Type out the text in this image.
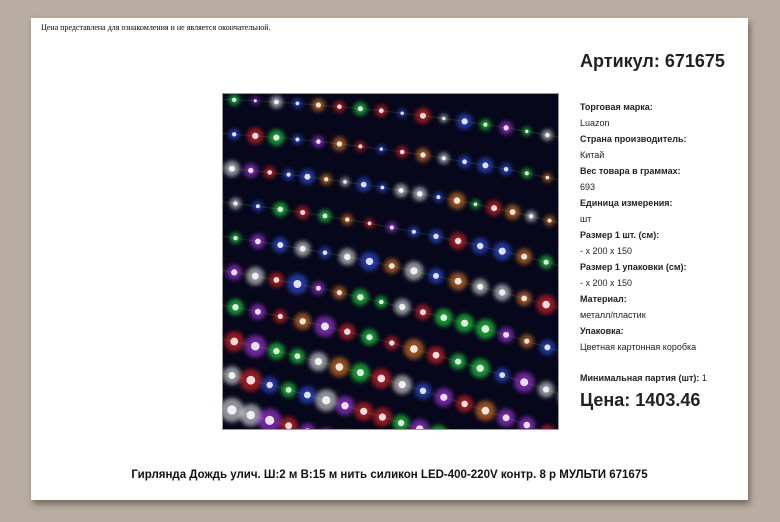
Цена представлена для ознакомления и не является окончательной.
Артикул: 671675
Торговая марка:
Luazon
Страна производитель:
Китай
Вес товара в граммах:
693
Единица измерения:
шт
Размер 1 шт. (см):
- x 200 x 150
Размер 1 упаковки (см):
- x 200 x 150
Материал:
металл/пластик
Упаковка:
Цветная картонная коробка
Минимальная партия (шт): 1
Цена: 1403.46
Гирлянда Дождь улич. Ш:2 м В:15 м нить силикон LED-400-220V контр. 8 р МУЛЬТИ 671675
